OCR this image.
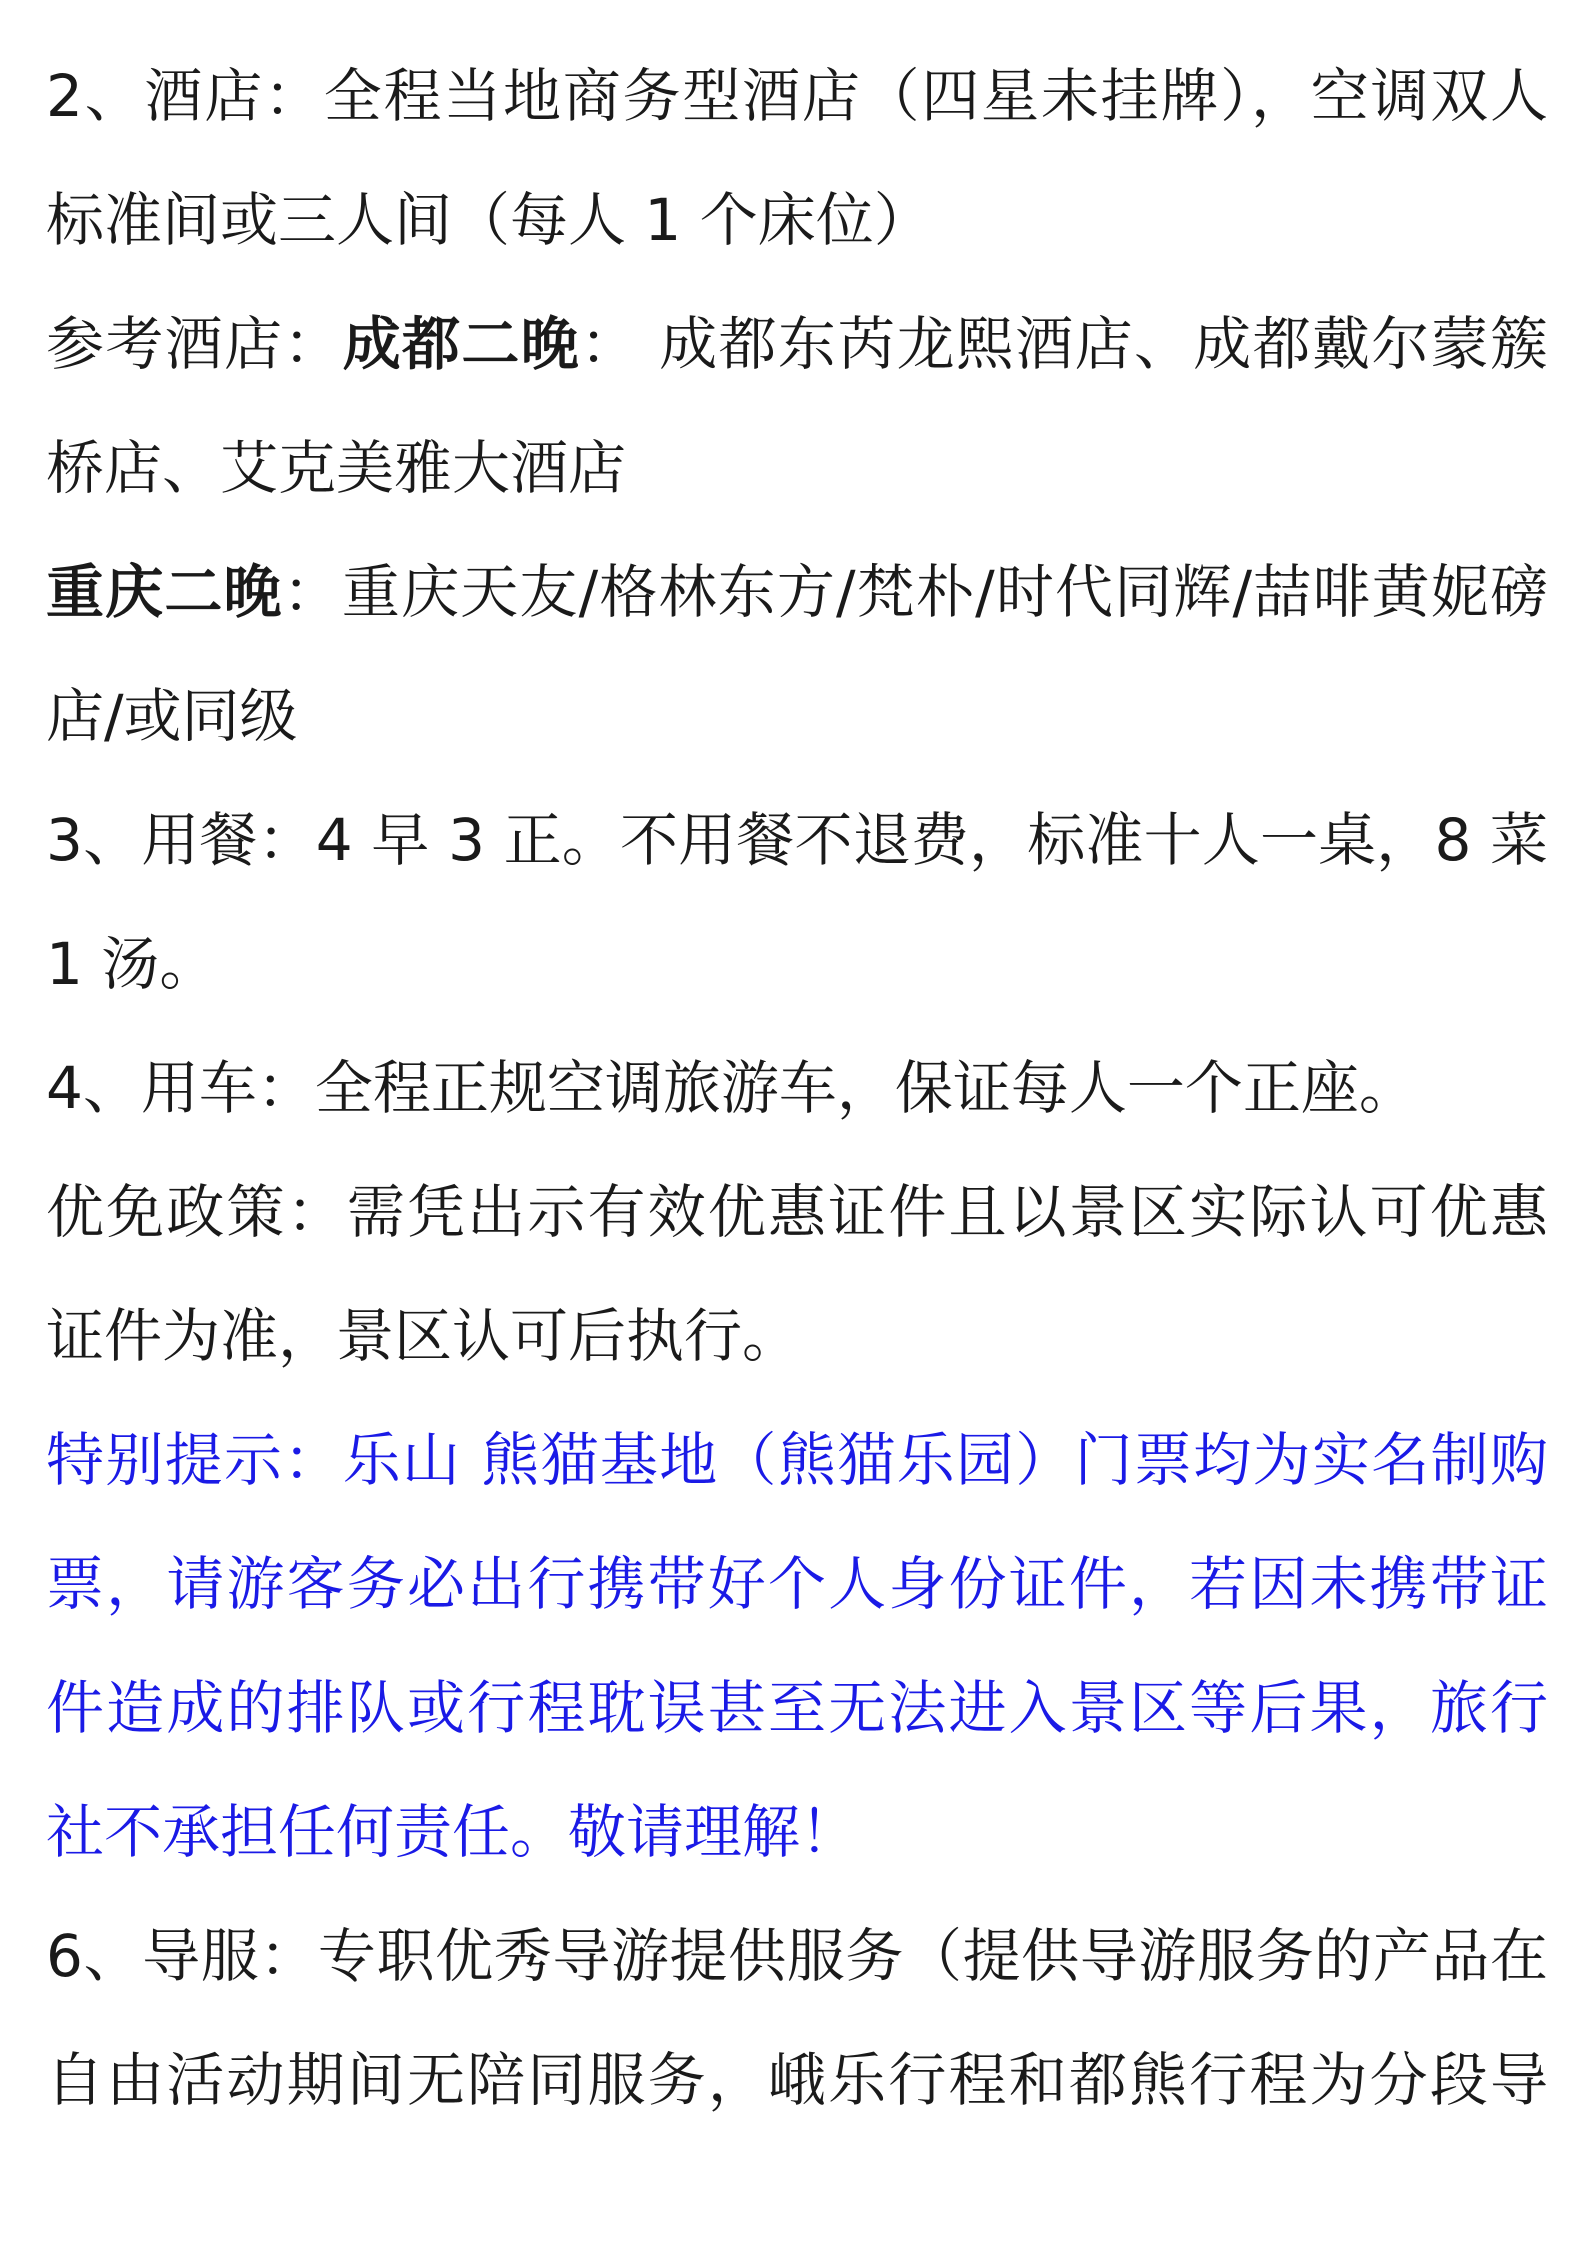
2、酒店：全程当地商务型酒店（四星未挂牌），空调双人
标准间或三人间（每人 1 个床位）
参考酒店：成都二晚： 成都东芮龙熙酒店、成都戴尔蒙簇
桥店、艾克美雅大酒店
重庆二晚：重庆天友/格林东方/梵朴/时代同辉/喆啡黄妮磅
店/或同级
3、用餐：4 早 3 正。不用餐不退费，标准十人一桌，8 菜
1 汤。
4、用车：全程正规空调旅游车，保证每人一个正座。
优免政策：需凭出示有效优惠证件且以景区实际认可优惠
证件为准，景区认可后执行。
特别提示：乐山 熊猫基地（熊猫乐园）门票均为实名制购
票，请游客务必出行携带好个人身份证件，若因未携带证
件造成的排队或行程耽误甚至无法进入景区等后果，旅行
社不承担任何责任。敬请理解！
6、导服：专职优秀导游提供服务（提供导游服务的产品在
自由活动期间无陪同服务，峨乐行程和都熊行程为分段导
